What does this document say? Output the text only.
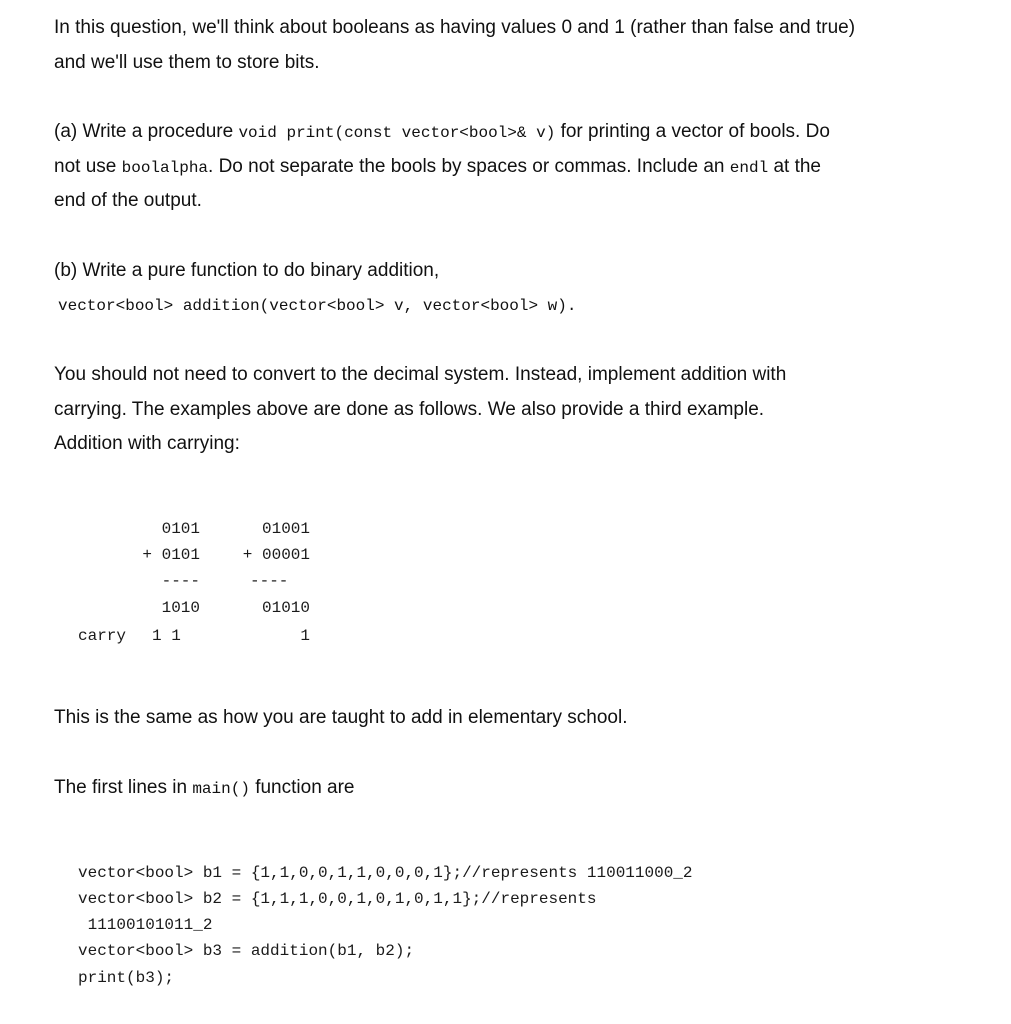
In this question, we'll think about booleans as having values 0 and 1 (rather than false and true)
and we'll use them to store bits.
(a) Write a procedure void print(const vector<bool>& v) for printing a vector of bools. Do
not use boolalpha. Do not separate the bools by spaces or commas. Include an endl at the
end of the output.
(b) Write a pure function to do binary addition,
vector<bool> addition(vector<bool> v, vector<bool> w).
You should not need to convert to the decimal system. Instead, implement addition with
carrying. The examples above are done as follows. We also provide a third example.
Addition with carrying:
0101
+ 0101
----
1010
carry 1 1
01001
+ 00001
----
01010
1
This is the same as how you are taught to add in elementary school.
The first lines in main() function are
vector<bool> b1 = {1,1,0,0,1,1,0,0,0,1};//represents 110011000_2
vector<bool> b2 = {1,1,1,0,0,1,0,1,0,1,1};//represents
11100101011_2
vector<bool> b3 = addition(b1, b2);
print(b3);
